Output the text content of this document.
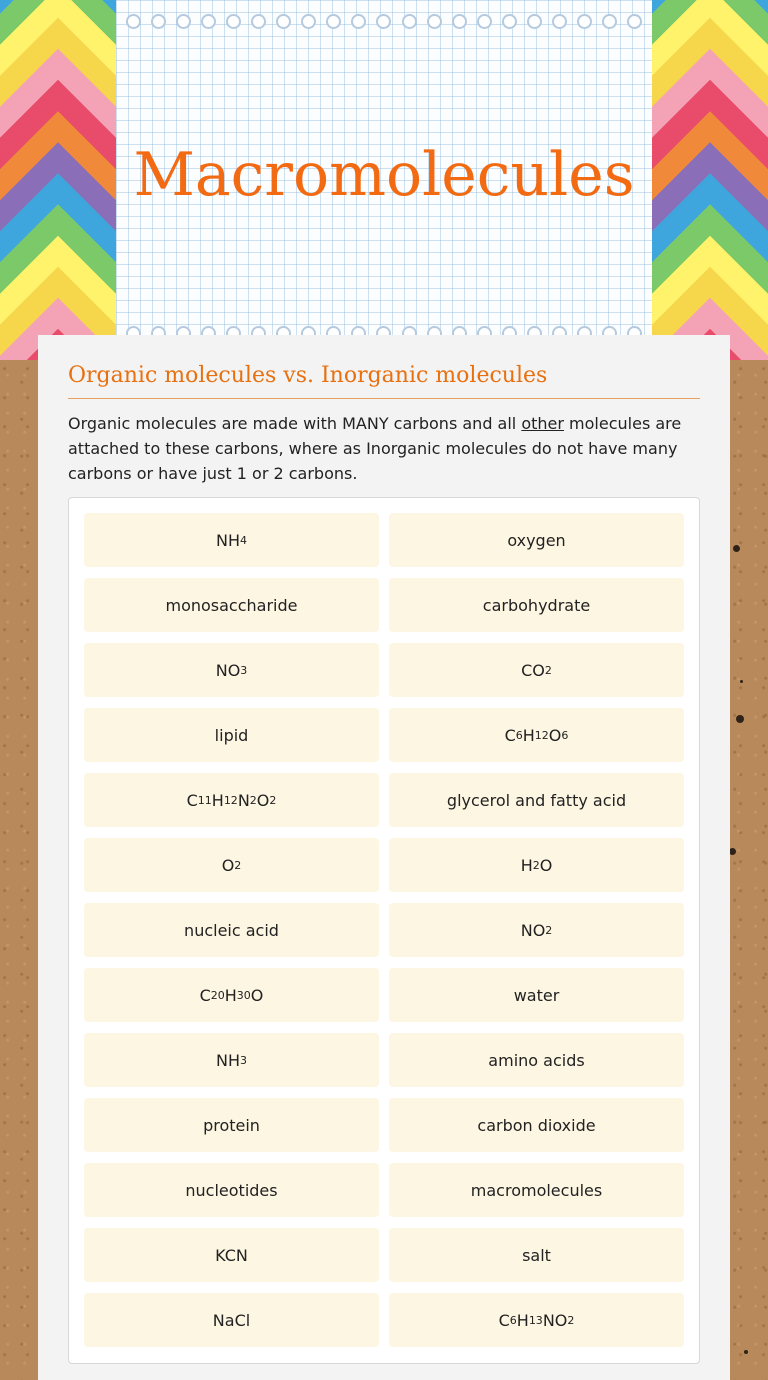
Macromolecules
Organic molecules vs. Inorganic molecules

Organic molecules are made with MANY carbons and all other molecules are attached to these carbons, where as Inorganic molecules do not have many carbons or have just 1 or 2 carbons.

NH 4	oxygen
monosaccharide	carbohydrate
NO 3	CO 2
lipid	C 6 H 12 O 6
C 11 H 12 N 2 O 2	glycerol and fatty acid
O 2	H 2 O
nucleic acid	NO 2
C 20 H 30 O	water
NH 3	amino acids
protein	carbon dioxide
nucleotides	macromolecules
KCN	salt
NaCl	C 6 H 13 NO 2
